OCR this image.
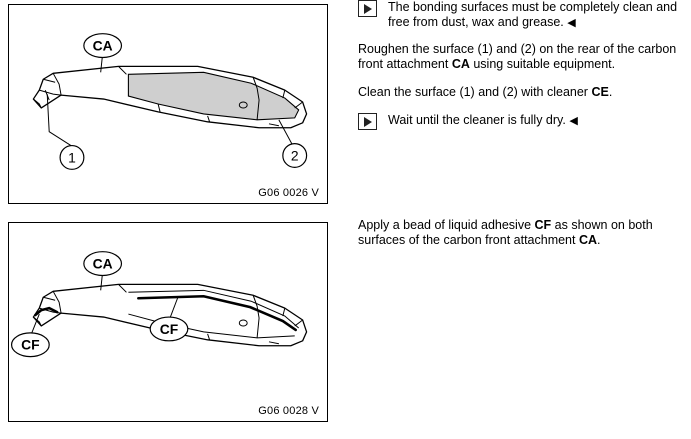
CA
1	2
G06 0026 V
CA
CF
CF
G06 0028 V
The bonding surfaces must be completely clean and free from dust, wax and grease. ◀

Roughen the surface (1) and (2) on the rear of the carbon front attachment CA using suitable equipment.

Clean the surface (1) and (2) with cleaner CE.

Wait until the cleaner is fully dry. ◀

Apply a bead of liquid adhesive CF as shown on both surfaces of the carbon front attachment CA.
